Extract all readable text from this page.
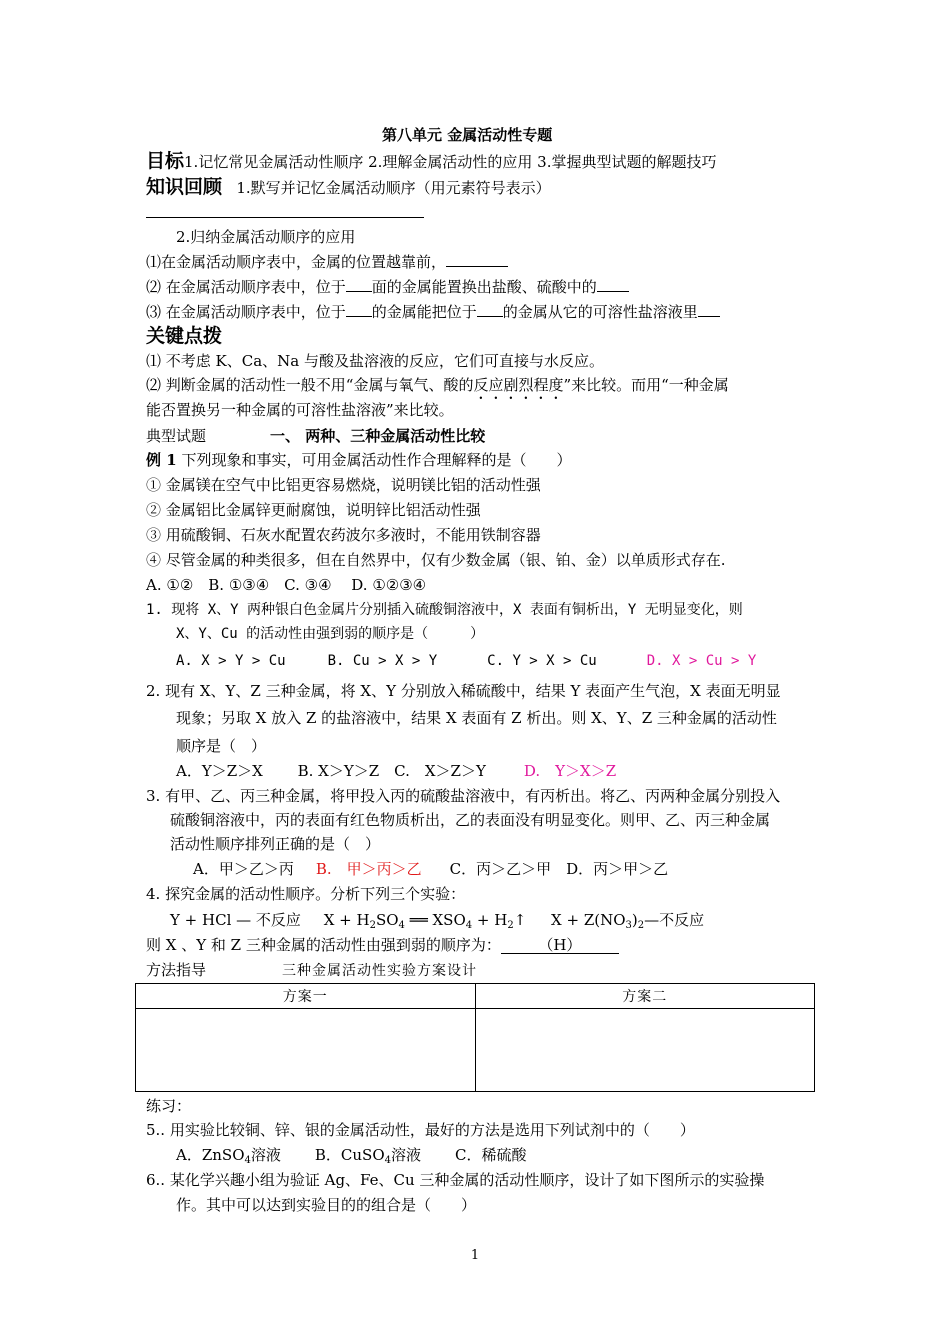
第八单元 金属活动性专题
目标1.记忆常见金属活动性顺序 2.理解金属活动性的应用 3.掌握典型试题的解题技巧
知识回顾 1.默写并记忆金属活动顺序（用元素符号表示）
2.归纳金属活动顺序的应用
⑴在金属活动顺序表中，金属的位置越靠前，
⑵ 在金属活动顺序表中，位于 面的金属能置换出盐酸、硫酸中的
⑶ 在金属活动顺序表中，位于 的金属能把位于 的金属从它的可溶性盐溶液里
关键点拨
⑴ 不考虑 K、Ca、Na 与酸及盐溶液的反应，它们可直接与水反应。
⑵ 判断金属的活动性一般不用“金属与氧气、酸的反应剧烈程度”来比较。而用“一种金属
能否置换另一种金属的可溶性盐溶液”来比较。
典型试题	一、 两种、三种金属活动性比较
例 1 下列现象和事实，可用金属活动性作合理解释的是（　　）
① 金属镁在空气中比铝更容易燃烧，说明镁比铝的活动性强
② 金属铝比金属锌更耐腐蚀，说明锌比铝活动性强
③ 用硫酸铜、石灰水配置农药波尔多液时，不能用铁制容器
④ 尽管金属的种类很多，但在自然界中，仅有少数金属（银、铂、金）以单质形式存在.
A. ①②　B. ①③④　C. ③④　 D. ①②③④
1. 现将 X、Y 两种银白色金属片分别插入硫酸铜溶液中，X 表面有铜析出，Y 无明显变化，则
X、Y、Cu 的活动性由强到弱的顺序是（　　　）
A. X > Y > Cu	B. Cu > X > Y	C. Y > X > Cu	D. X > Cu > Y
2. 现有 X、Y、Z 三种金属，将 X、Y 分别放入稀硫酸中，结果 Y 表面产生气泡，X 表面无明显
现象；另取 X 放入 Z 的盐溶液中，结果 X 表面有 Z 析出。则 X、Y、Z 三种金属的活动性
顺序是（　）
A．Y＞Z＞X　　 B. X＞Y＞Z　C.　X＞Z＞Y	D.　Y＞X＞Z
3. 有甲、乙、丙三种金属，将甲投入丙的硫酸盐溶液中，有丙析出。将乙、丙两种金属分别投入
硫酸铜溶液中，丙的表面有红色物质析出，乙的表面没有明显变化。则甲、乙、丙三种金属
活动性顺序排列正确的是（　）
A．甲＞乙＞丙 B.　甲＞丙＞乙 C．丙＞乙＞甲　D．丙＞甲＞乙
4. 探究金属的活动性顺序。分析下列三个实验：
Y + HCl — 不反应 $X + H_2SO_4$ ══ $XSO_4$ + $H_2↑$ $X + Z(NO_3)_2—$不反应
则 X 、Y 和 Z 三种金属的活动性由强到弱的顺序为： （H）
方法指导	三种金属活动性实验方案设计
方案一	方案二

练习：
5.. 用实验比较铜、锌、银的金属活动性，最好的方法是选用下列试剂中的（　　）
A．ZnSO$_4$溶液 B．CuSO$_4$溶液 C．稀硫酸
6.. 某化学兴趣小组为验证 Ag、Fe、Cu 三种金属的活动性顺序，设计了如下图所示的实验操
作。其中可以达到实验目的的组合是（　　）
1
